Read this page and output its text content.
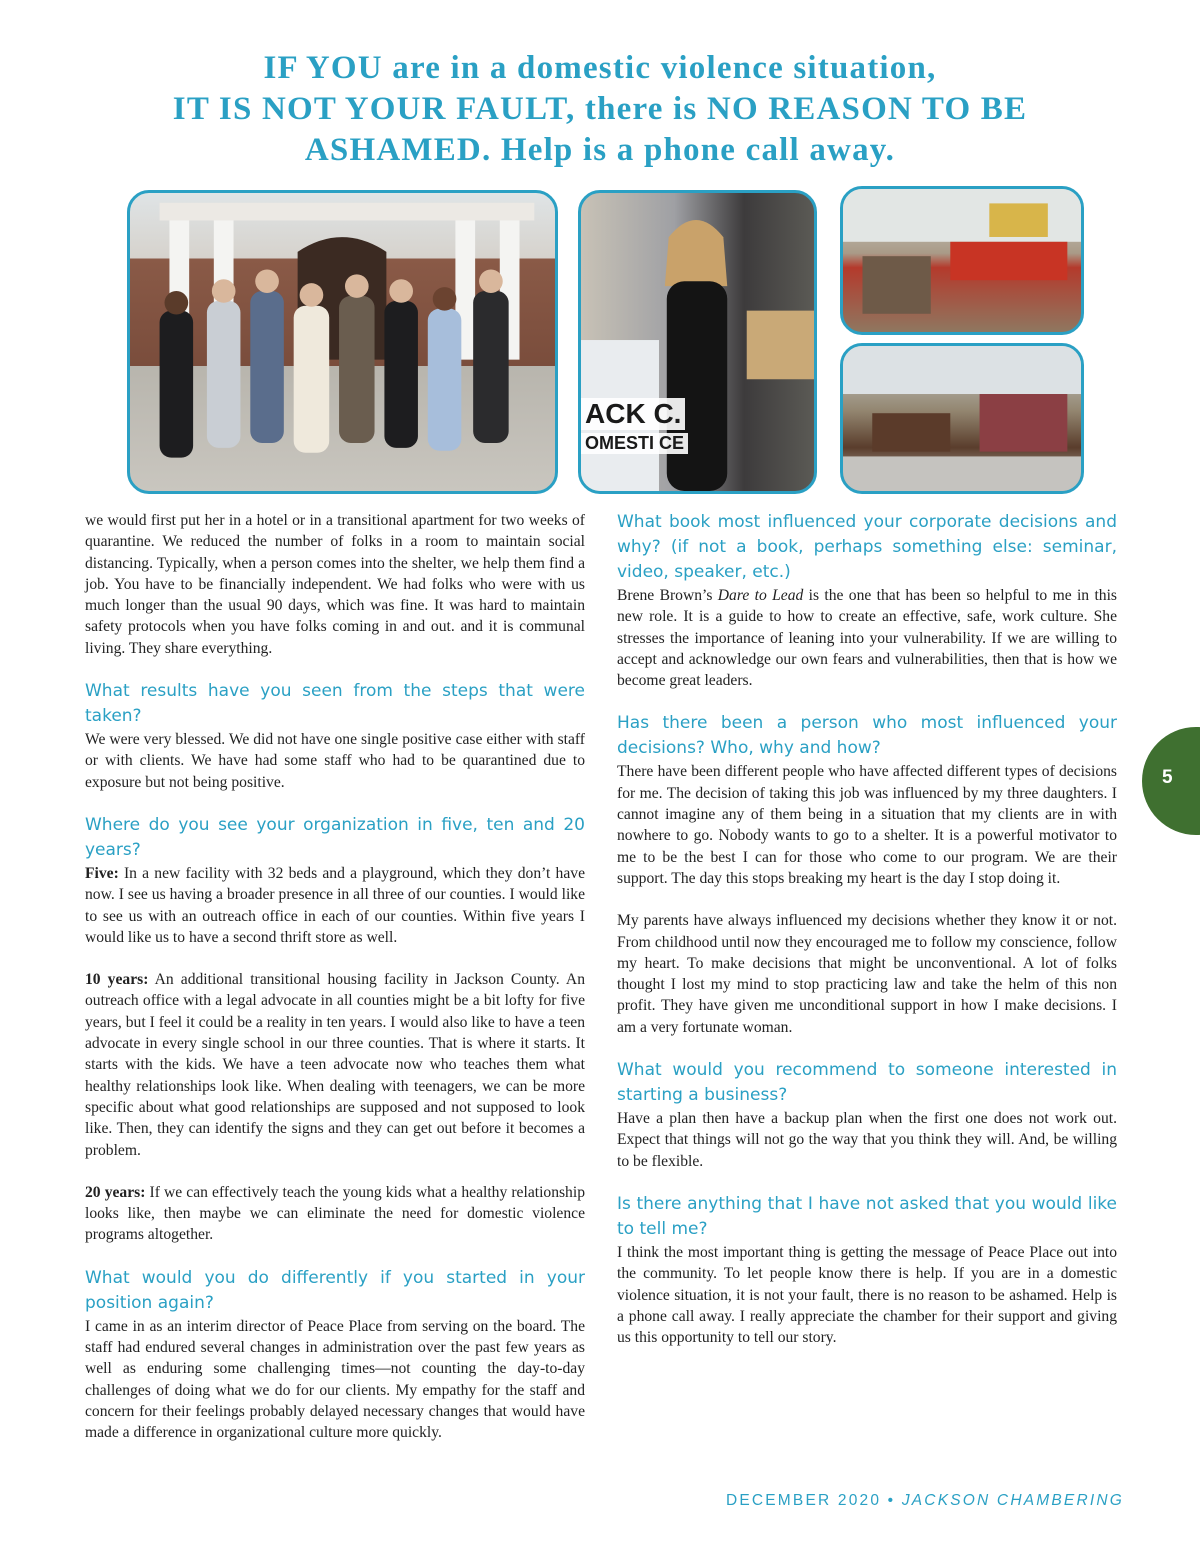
IF YOU are in a domestic violence situation,
IT IS NOT YOUR FAULT, there is NO REASON TO BE
ASHAMED. Help is a phone call away.
ACK C.
OMESTI CE

we would first put her in a hotel or in a transitional apartment for two weeks of quarantine. We reduced the number of folks in a room to maintain social distancing. Typically, when a person comes into the shelter, we help them find a job. You have to be financially independent. We had folks who were with us much longer than the usual 90 days, which was fine. It was hard to maintain safety protocols when you have folks coming in and out. and it is communal living. They share everything.

What results have you seen from the steps that were taken?

We were very blessed. We did not have one single positive case either with staff or with clients. We have had some staff who had to be quarantined due to exposure but not being positive.

Where do you see your organization in five, ten and 20 years?

Five: In a new facility with 32 beds and a playground, which they don’t have now. I see us having a broader presence in all three of our counties. I would like to see us with an outreach office in each of our counties. Within five years I would like us to have a second thrift store as well.

10 years: An additional transitional housing facility in Jackson County. An outreach office with a legal advocate in all counties might be a bit lofty for five years, but I feel it could be a reality in ten years. I would also like to have a teen advocate in every single school in our three counties. That is where it starts. It starts with the kids. We have a teen advocate now who teaches them what healthy relationships look like. When dealing with teenagers, we can be more specific about what good relationships are supposed and not supposed to look like. Then, they can identify the signs and they can get out before it becomes a problem.

20 years: If we can effectively teach the young kids what a healthy relationship looks like, then maybe we can eliminate the need for domestic violence programs altogether.

What would you do differently if you started in your position again?

I came in as an interim director of Peace Place from serving on the board. The staff had endured several changes in administration over the past few years as well as enduring some challenging times—not counting the day-to-day challenges of doing what we do for our clients. My empathy for the staff and concern for their feelings probably delayed necessary changes that would have made a difference in organizational culture more quickly.

What book most influenced your corporate decisions and why? (if not a book, perhaps something else: seminar, video, speaker, etc.)

Brene Brown’s Dare to Lead is the one that has been so helpful to me in this new role. It is a guide to how to create an effective, safe, work culture. She stresses the importance of leaning into your vulnerability. If we are willing to accept and acknowledge our own fears and vulnerabilities, then that is how we become great leaders.

Has there been a person who most influenced your decisions? Who, why and how?

There have been different people who have affected different types of decisions for me. The decision of taking this job was influenced by my three daughters. I cannot imagine any of them being in a situation that my clients are in with nowhere to go. Nobody wants to go to a shelter. It is a powerful motivator to me to be the best I can for those who come to our program. We are their support. The day this stops breaking my heart is the day I stop doing it.

My parents have always influenced my decisions whether they know it or not. From childhood until now they encouraged me to follow my conscience, follow my heart. To make decisions that might be unconventional. A lot of folks thought I lost my mind to stop practicing law and take the helm of this non profit. They have given me unconditional support in how I make decisions. I am a very fortunate woman.

What would you recommend to someone interested in starting a business?

Have a plan then have a backup plan when the first one does not work out. Expect that things will not go the way that you think they will. And, be willing to be flexible.

Is there anything that I have not asked that you would like to tell me?

I think the most important thing is getting the message of Peace Place out into the community. To let people know there is help. If you are in a domestic violence situation, it is not your fault, there is no reason to be ashamed. Help is a phone call away. I really appreciate the chamber for their support and giving us this opportunity to tell our story.

5
DECEMBER 2020 • JACKSON CHAMBERING
